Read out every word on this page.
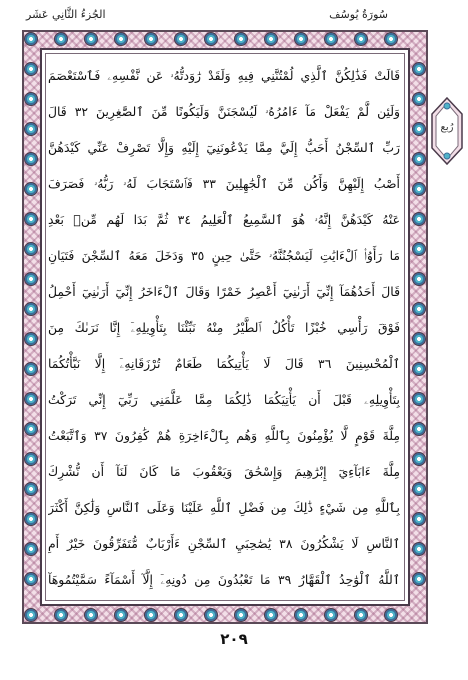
الجُزءُ الثَّانِي عَشَر	سُورَةُ يُوسُف
قَالَتْ فَذَٰلِكُنَّ ٱلَّذِي لُمْتُنَّنِي فِيهِ وَلَقَدْ رَٰوَدتُّهُۥ عَن نَّفْسِهِۦ فَٱسْتَعْصَمَ
وَلَئِن لَّمْ يَفْعَلْ مَآ ءَامُرُهُۥ لَيُسْجَنَنَّ وَلَيَكُونًا مِّنَ ٱلصَّٰغِرِينَ ٣٢ قَالَ
رَبِّ ٱلسِّجْنُ أَحَبُّ إِلَيَّ مِمَّا يَدْعُونَنِيٓ إِلَيْهِ وَإِلَّا تَصْرِفْ عَنِّي كَيْدَهُنَّ
أَصْبُ إِلَيْهِنَّ وَأَكُن مِّنَ ٱلْجَٰهِلِينَ ٣٣ فَٱسْتَجَابَ لَهُۥ رَبُّهُۥ فَصَرَفَ
عَنْهُ كَيْدَهُنَّ إِنَّهُۥ هُوَ ٱلسَّمِيعُ ٱلْعَلِيمُ ٣٤ ثُمَّ بَدَا لَهُم مِّنۢ بَعْدِ
مَا رَأَوُا۟ ٱلْءَايَٰتِ لَيَسْجُنُنَّهُۥ حَتَّىٰ حِينٍ ٣٥ وَدَخَلَ مَعَهُ ٱلسِّجْنَ فَتَيَانِ
قَالَ أَحَدُهُمَآ إِنِّيٓ أَرَىٰنِيٓ أَعْصِرُ خَمْرًا وَقَالَ ٱلْءَاخَرُ إِنِّيٓ أَرَىٰنِيٓ أَحْمِلُ
فَوْقَ رَأْسِي خُبْزًا تَأْكُلُ ٱلطَّيْرُ مِنْهُ نَبِّئْنَا بِتَأْوِيلِهِۦٓ إِنَّا نَرَىٰكَ مِنَ
ٱلْمُحْسِنِينَ ٣٦ قَالَ لَا يَأْتِيكُمَا طَعَامٌ تُرْزَقَانِهِۦٓ إِلَّا نَبَّأْتُكُمَا
بِتَأْوِيلِهِۦ قَبْلَ أَن يَأْتِيَكُمَا ذَٰلِكُمَا مِمَّا عَلَّمَنِي رَبِّيٓ إِنِّي تَرَكْتُ
مِلَّةَ قَوْمٍ لَّا يُؤْمِنُونَ بِٱللَّهِ وَهُم بِٱلْءَاخِرَةِ هُمْ كَٰفِرُونَ ٣٧ وَٱتَّبَعْتُ
مِلَّةَ ءَابَآءِيٓ إِبْرَٰهِيمَ وَإِسْحَٰقَ وَيَعْقُوبَ مَا كَانَ لَنَآ أَن نُّشْرِكَ
بِٱللَّهِ مِن شَيْءٍ ذَٰلِكَ مِن فَضْلِ ٱللَّهِ عَلَيْنَا وَعَلَى ٱلنَّاسِ وَلَٰكِنَّ أَكْثَرَ
ٱلنَّاسِ لَا يَشْكُرُونَ ٣٨ يَٰصَٰحِبَيِ ٱلسِّجْنِ ءَأَرْبَابٌ مُّتَفَرِّقُونَ خَيْرٌ أَمِ
ٱللَّهُ ٱلْوَٰحِدُ ٱلْقَهَّارُ ٣٩ مَا تَعْبُدُونَ مِن دُونِهِۦٓ إِلَّآ أَسْمَآءً سَمَّيْتُمُوهَآ
رُبع
٢٠٩
